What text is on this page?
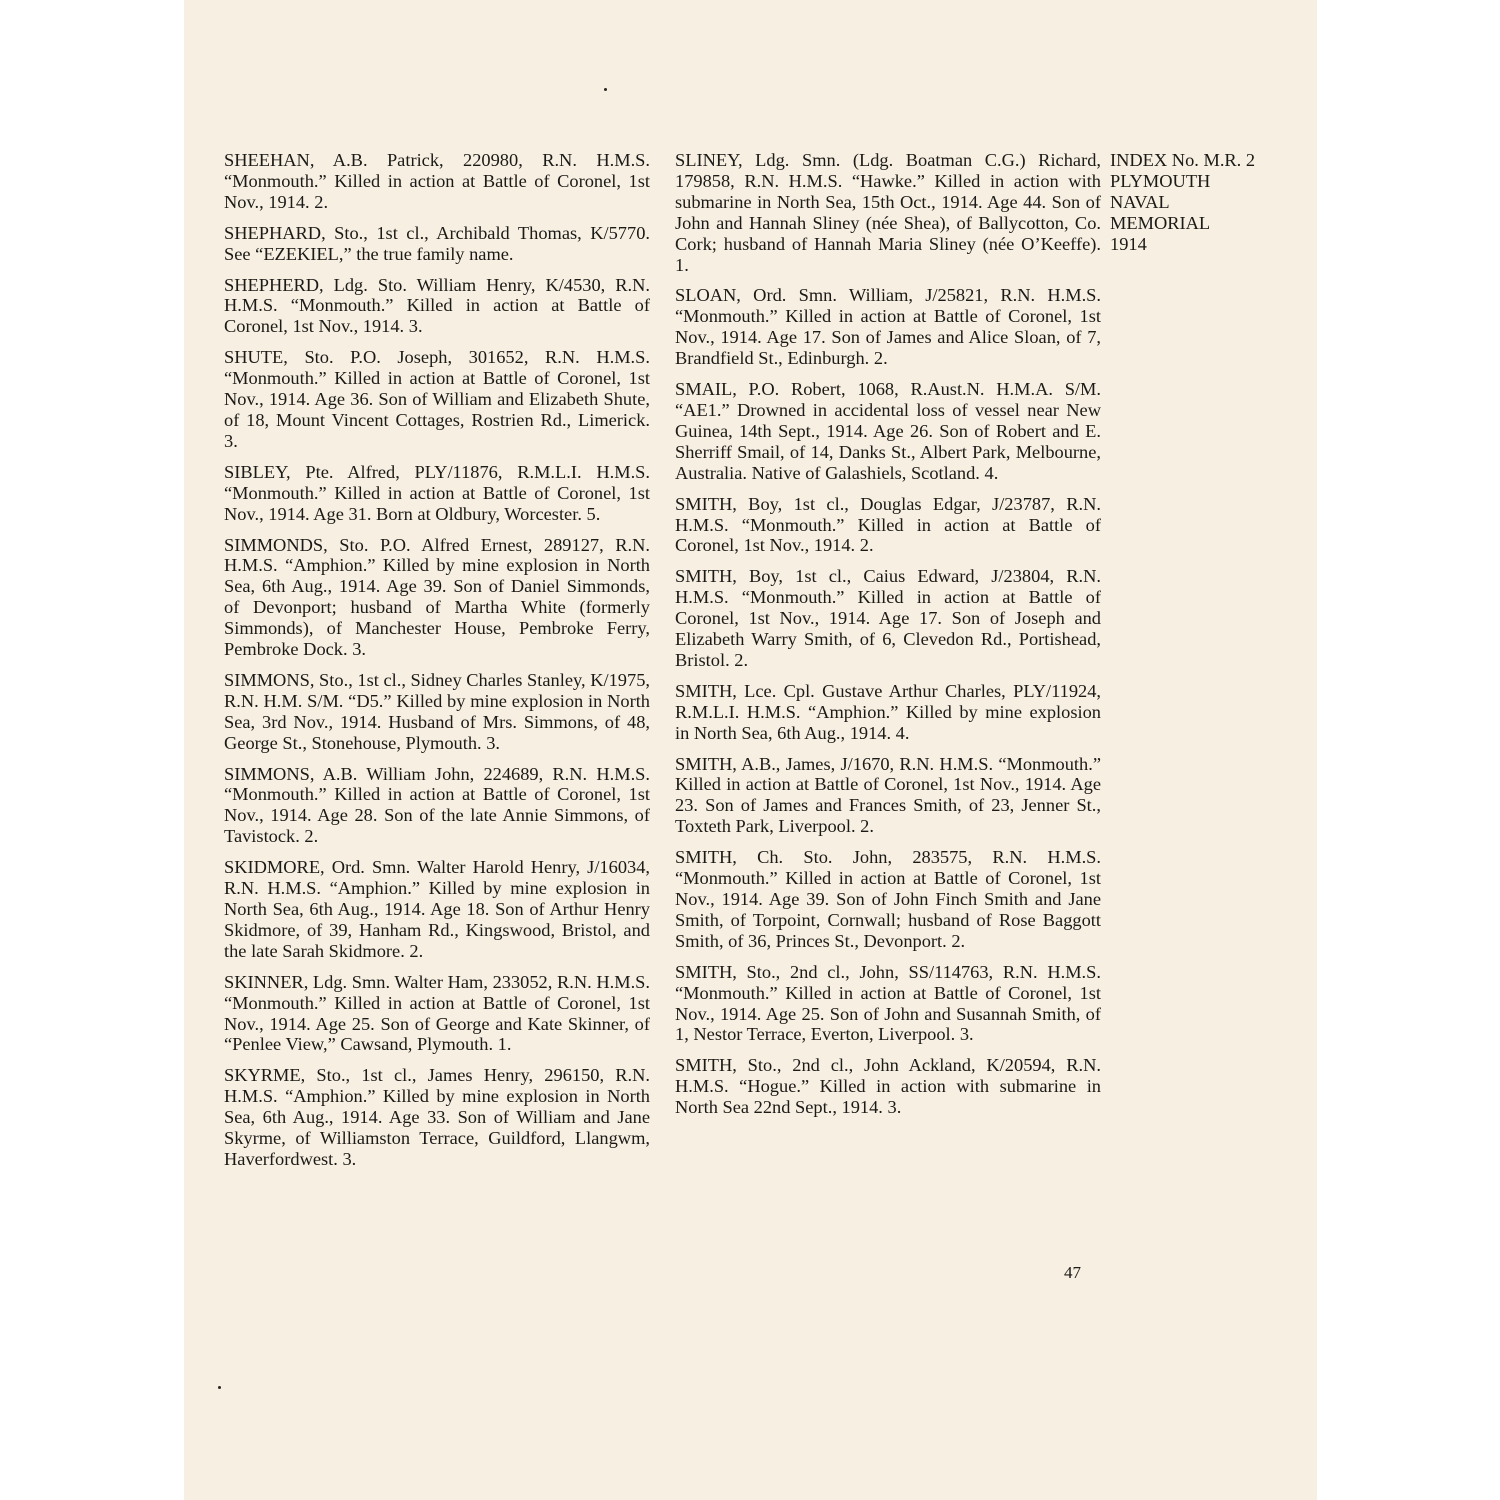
SHEEHAN, A.B. Patrick, 220980, R.N. H.M.S. “Monmouth.” Killed in action at Battle of Coronel, 1st Nov., 1914. 2.

SHEPHARD, Sto., 1st cl., Archibald Thomas, K/5770. See “EZEKIEL,” the true family name.

SHEPHERD, Ldg. Sto. William Henry, K/4530, R.N. H.M.S. “Monmouth.” Killed in action at Battle of Coronel, 1st Nov., 1914. 3.

SHUTE, Sto. P.O. Joseph, 301652, R.N. H.M.S. “Monmouth.” Killed in action at Battle of Coronel, 1st Nov., 1914. Age 36. Son of William and Elizabeth Shute, of 18, Mount Vincent Cottages, Rostrien Rd., Limerick. 3.

SIBLEY, Pte. Alfred, PLY/11876, R.M.L.I. H.M.S. “Monmouth.” Killed in action at Battle of Coronel, 1st Nov., 1914. Age 31. Born at Oldbury, Worcester. 5.

SIMMONDS, Sto. P.O. Alfred Ernest, 289127, R.N. H.M.S. “Amphion.” Killed by mine explosion in North Sea, 6th Aug., 1914. Age 39. Son of Daniel Simmonds, of Devonport; husband of Martha White (formerly Simmonds), of Manchester House, Pembroke Ferry, Pembroke Dock. 3.

SIMMONS, Sto., 1st cl., Sidney Charles Stanley, K/1975, R.N. H.M. S/M. “D5.” Killed by mine explosion in North Sea, 3rd Nov., 1914. Husband of Mrs. Simmons, of 48, George St., Stonehouse, Plymouth. 3.

SIMMONS, A.B. William John, 224689, R.N. H.M.S. “Monmouth.” Killed in action at Battle of Coronel, 1st Nov., 1914. Age 28. Son of the late Annie Simmons, of Tavistock. 2.

SKIDMORE, Ord. Smn. Walter Harold Henry, J/16034, R.N. H.M.S. “Amphion.” Killed by mine explosion in North Sea, 6th Aug., 1914. Age 18. Son of Arthur Henry Skidmore, of 39, Hanham Rd., Kingswood, Bristol, and the late Sarah Skidmore. 2.

SKINNER, Ldg. Smn. Walter Ham, 233052, R.N. H.M.S. “Monmouth.” Killed in action at Battle of Coronel, 1st Nov., 1914. Age 25. Son of George and Kate Skinner, of “Penlee View,” Cawsand, Plymouth. 1.

SKYRME, Sto., 1st cl., James Henry, 296150, R.N. H.M.S. “Amphion.” Killed by mine explosion in North Sea, 6th Aug., 1914. Age 33. Son of William and Jane Skyrme, of Williamston Terrace, Guildford, Llangwm, Haverfordwest. 3.

SLINEY, Ldg. Smn. (Ldg. Boatman C.G.) Richard, 179858, R.N. H.M.S. “Hawke.” Killed in action with submarine in North Sea, 15th Oct., 1914. Age 44. Son of John and Hannah Sliney (née Shea), of Ballycotton, Co. Cork; husband of Hannah Maria Sliney (née O’Keeffe). 1.

SLOAN, Ord. Smn. William, J/25821, R.N. H.M.S. “Monmouth.” Killed in action at Battle of Coronel, 1st Nov., 1914. Age 17. Son of James and Alice Sloan, of 7, Brandfield St., Edinburgh. 2.

SMAIL, P.O. Robert, 1068, R.Aust.N. H.M.A. S/M. “AE1.” Drowned in accidental loss of vessel near New Guinea, 14th Sept., 1914. Age 26. Son of Robert and E. Sherriff Smail, of 14, Danks St., Albert Park, Melbourne, Australia. Native of Galashiels, Scotland. 4.

SMITH, Boy, 1st cl., Douglas Edgar, J/23787, R.N. H.M.S. “Monmouth.” Killed in action at Battle of Coronel, 1st Nov., 1914. 2.

SMITH, Boy, 1st cl., Caius Edward, J/23804, R.N. H.M.S. “Monmouth.” Killed in action at Battle of Coronel, 1st Nov., 1914. Age 17. Son of Joseph and Elizabeth Warry Smith, of 6, Clevedon Rd., Portishead, Bristol. 2.

SMITH, Lce. Cpl. Gustave Arthur Charles, PLY/11924, R.M.L.I. H.M.S. “Amphion.” Killed by mine explosion in North Sea, 6th Aug., 1914. 4.

SMITH, A.B., James, J/1670, R.N. H.M.S. “Monmouth.” Killed in action at Battle of Coronel, 1st Nov., 1914. Age 23. Son of James and Frances Smith, of 23, Jenner St., Toxteth Park, Liverpool. 2.

SMITH, Ch. Sto. John, 283575, R.N. H.M.S. “Monmouth.” Killed in action at Battle of Coronel, 1st Nov., 1914. Age 39. Son of John Finch Smith and Jane Smith, of Torpoint, Cornwall; husband of Rose Baggott Smith, of 36, Princes St., Devonport. 2.

SMITH, Sto., 2nd cl., John, SS/114763, R.N. H.M.S. “Monmouth.” Killed in action at Battle of Coronel, 1st Nov., 1914. Age 25. Son of John and Susannah Smith, of 1, Nestor Terrace, Everton, Liverpool. 3.

SMITH, Sto., 2nd cl., John Ackland, K/20594, R.N. H.M.S. “Hogue.” Killed in action with submarine in North Sea 22nd Sept., 1914. 3.

INDEX No. M.R. 2
PLYMOUTH
NAVAL
MEMORIAL
1914
47
